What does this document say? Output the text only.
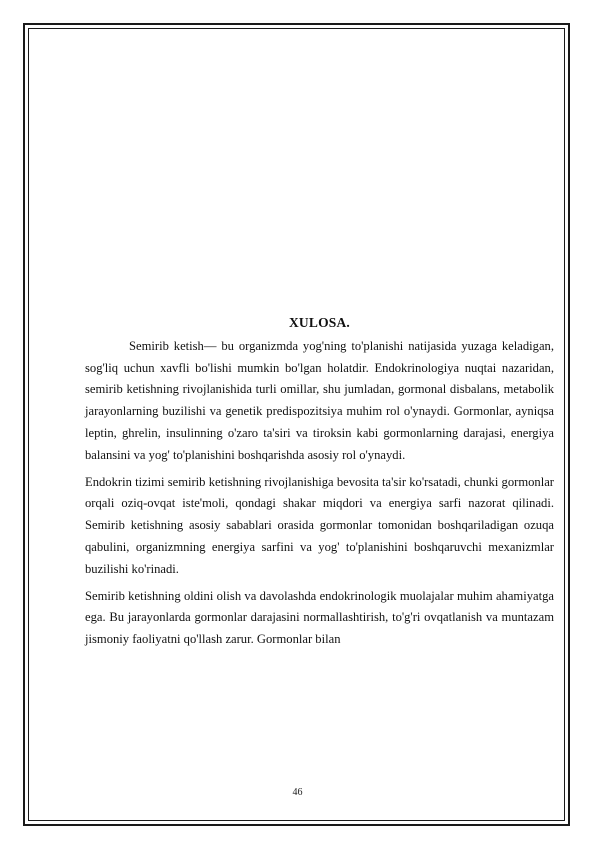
XULOSA.

Semirib ketish— bu organizmda yog'ning to'planishi natijasida yuzaga keladigan, sog'liq uchun xavfli bo'lishi mumkin bo'lgan holatdir. Endokrinologiya nuqtai nazaridan, semirib ketishning rivojlanishida turli omillar, shu jumladan, gormonal disbalans, metabolik jarayonlarning buzilishi va genetik predispozitsiya muhim rol o'ynaydi. Gormonlar, ayniqsa leptin, ghrelin, insulinning o'zaro ta'siri va tiroksin kabi gormonlarning darajasi, energiya balansini va yog' to'planishini boshqarishda asosiy rol o'ynaydi.

Endokrin tizimi semirib ketishning rivojlanishiga bevosita ta'sir ko'rsatadi, chunki gormonlar orqali oziq-ovqat iste'moli, qondagi shakar miqdori va energiya sarfi nazorat qilinadi. Semirib ketishning asosiy sabablari orasida gormonlar tomonidan boshqariladigan ozuqa qabulini, organizmning energiya sarfini va yog' to'planishini boshqaruvchi mexanizmlar buzilishi ko'rinadi.

Semirib ketishning oldini olish va davolashda endokrinologik muolajalar muhim ahamiyatga ega. Bu jarayonlarda gormonlar darajasini normallashtirish, to'g'ri ovqatlanish va muntazam jismoniy faoliyatni qo'llash zarur. Gormonlar bilan

46
